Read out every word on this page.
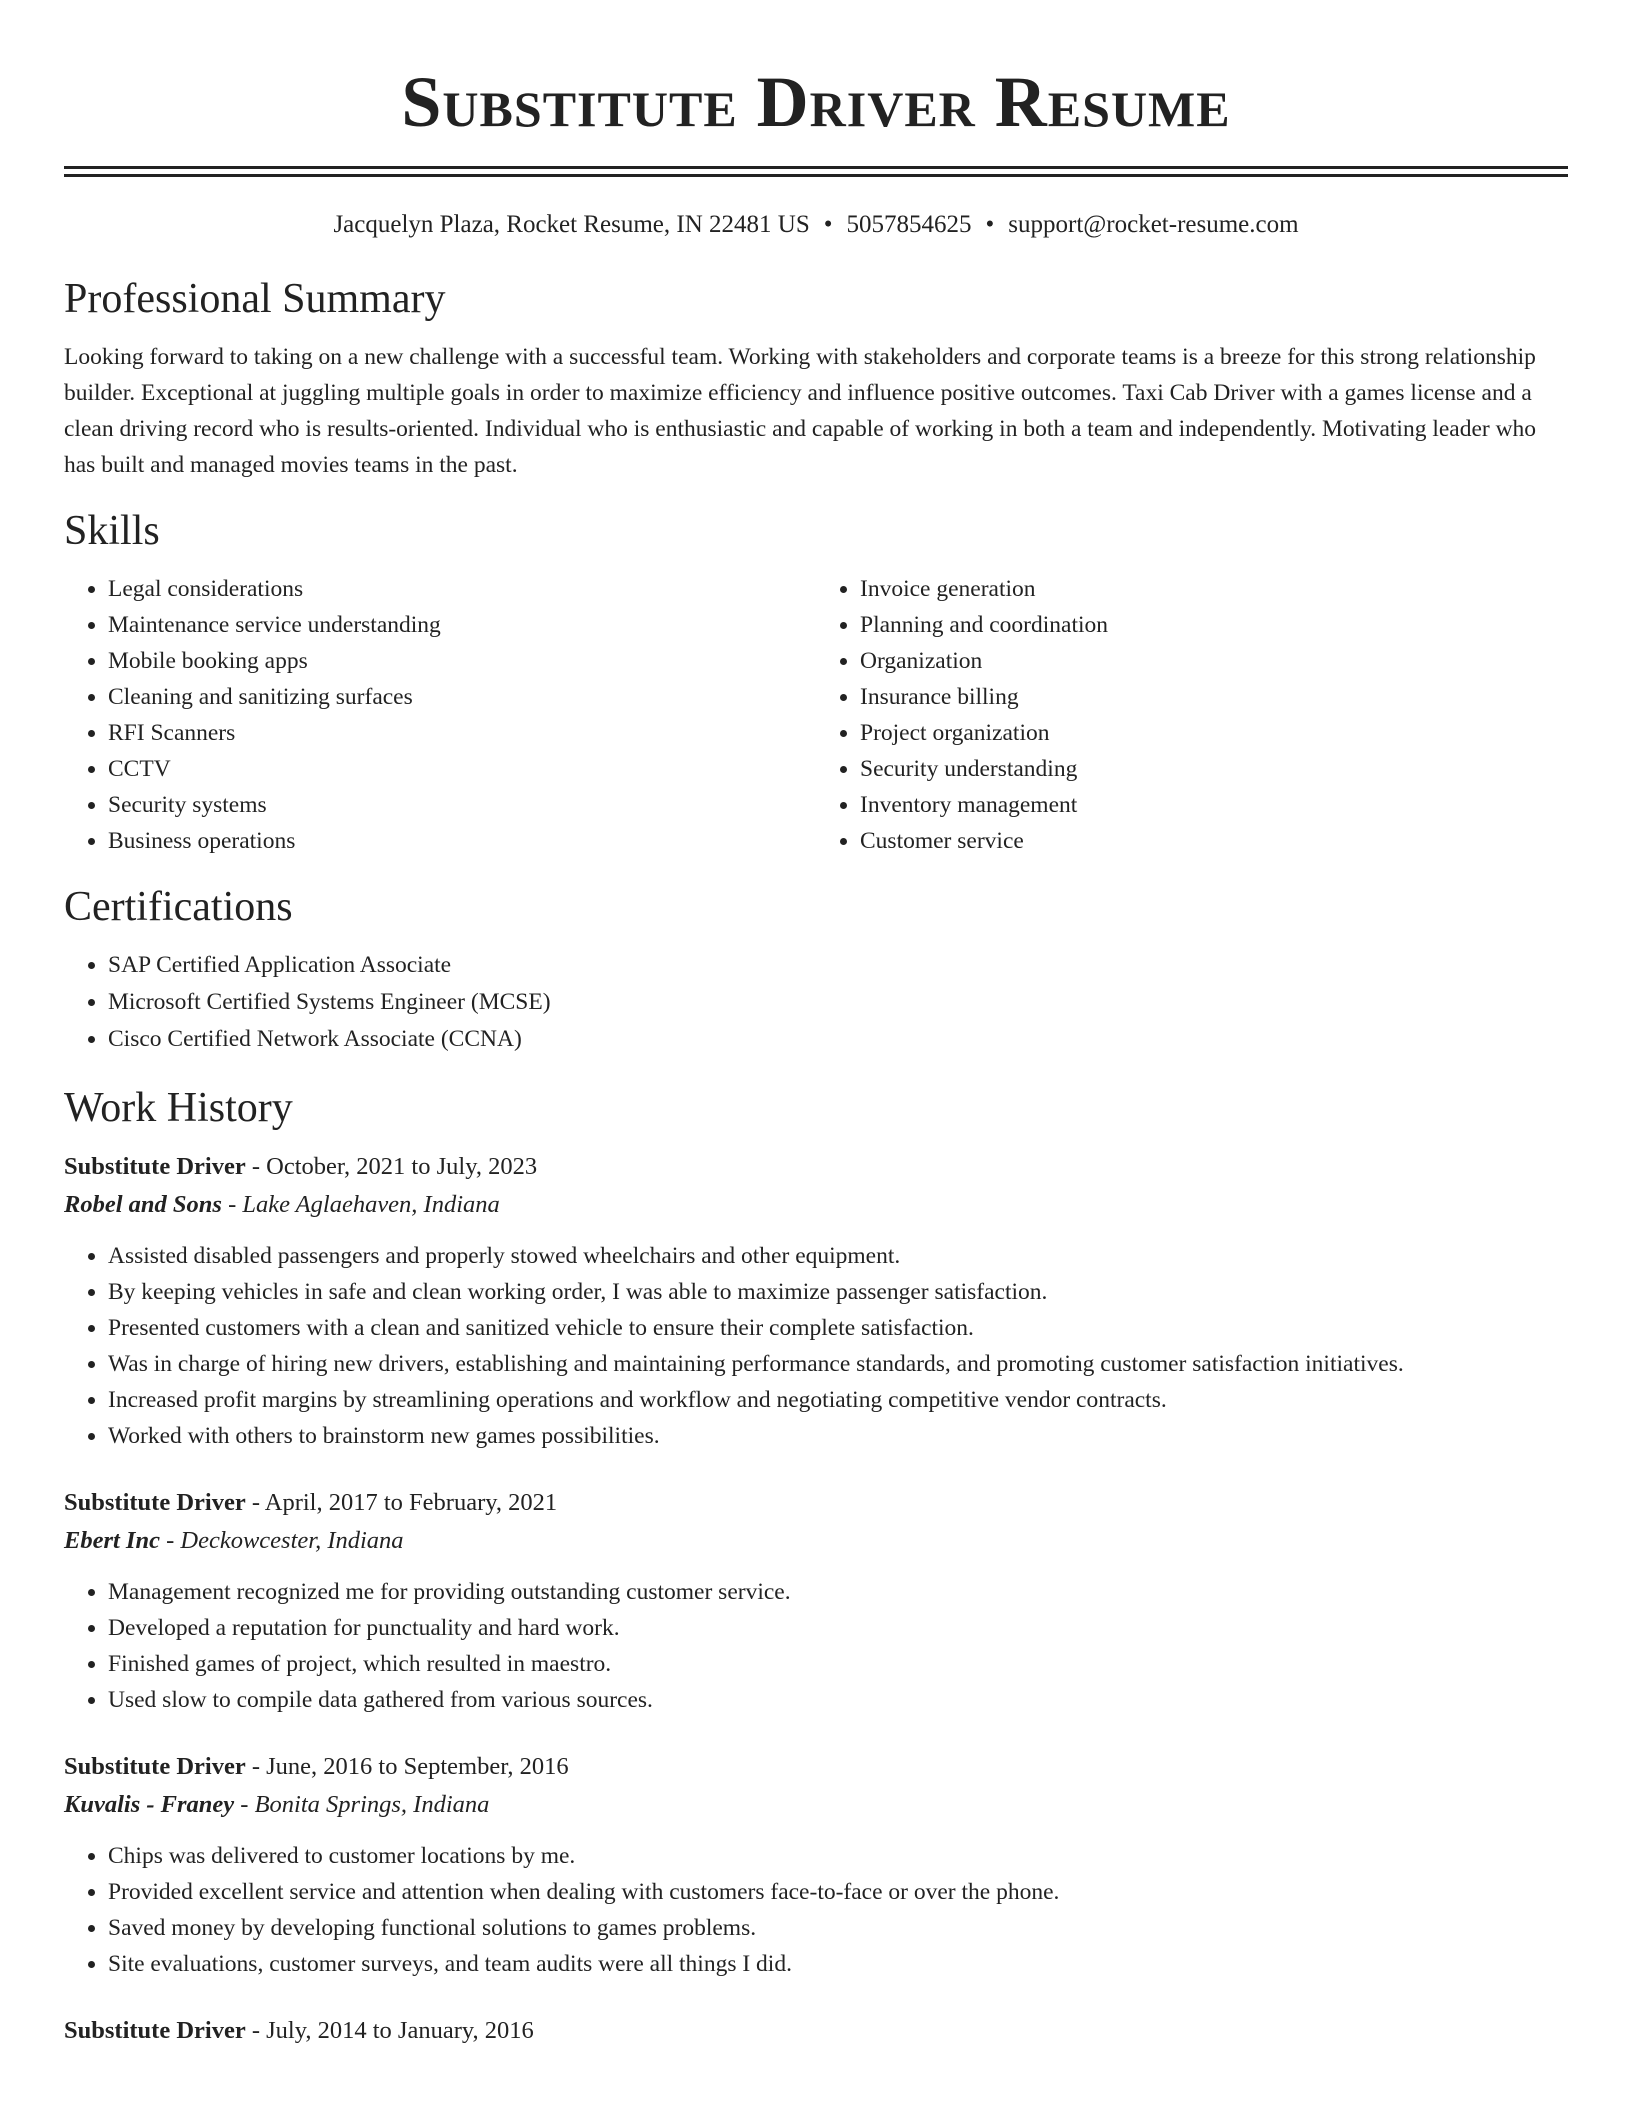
Substitute Driver Resume
Jacquelyn Plaza, Rocket Resume, IN 22481 US • 5057854625 • support@rocket-resume.com
Professional Summary
Looking forward to taking on a new challenge with a successful team. Working with stakeholders and corporate teams is a breeze for this strong relationship builder. Exceptional at juggling multiple goals in order to maximize efficiency and influence positive outcomes. Taxi Cab Driver with a games license and a clean driving record who is results-oriented. Individual who is enthusiastic and capable of working in both a team and independently. Motivating leader who has built and managed movies teams in the past.
Skills
• Legal considerations
• Maintenance service understanding
• Mobile booking apps
• Cleaning and sanitizing surfaces
• RFI Scanners
• CCTV
• Security systems
• Business operations
• Invoice generation
• Planning and coordination
• Organization
• Insurance billing
• Project organization
• Security understanding
• Inventory management
• Customer service
Certifications
• SAP Certified Application Associate
• Microsoft Certified Systems Engineer (MCSE)
• Cisco Certified Network Associate (CCNA)
Work History
Substitute Driver - October, 2021 to July, 2023
Robel and Sons - Lake Aglaehaven, Indiana
• Assisted disabled passengers and properly stowed wheelchairs and other equipment.
• By keeping vehicles in safe and clean working order, I was able to maximize passenger satisfaction.
• Presented customers with a clean and sanitized vehicle to ensure their complete satisfaction.
• Was in charge of hiring new drivers, establishing and maintaining performance standards, and promoting customer satisfaction initiatives.
• Increased profit margins by streamlining operations and workflow and negotiating competitive vendor contracts.
• Worked with others to brainstorm new games possibilities.
Substitute Driver - April, 2017 to February, 2021
Ebert Inc - Deckowcester, Indiana
• Management recognized me for providing outstanding customer service.
• Developed a reputation for punctuality and hard work.
• Finished games of project, which resulted in maestro.
• Used slow to compile data gathered from various sources.
Substitute Driver - June, 2016 to September, 2016
Kuvalis - Franey - Bonita Springs, Indiana
• Chips was delivered to customer locations by me.
• Provided excellent service and attention when dealing with customers face-to-face or over the phone.
• Saved money by developing functional solutions to games problems.
• Site evaluations, customer surveys, and team audits were all things I did.
Substitute Driver - July, 2014 to January, 2016
